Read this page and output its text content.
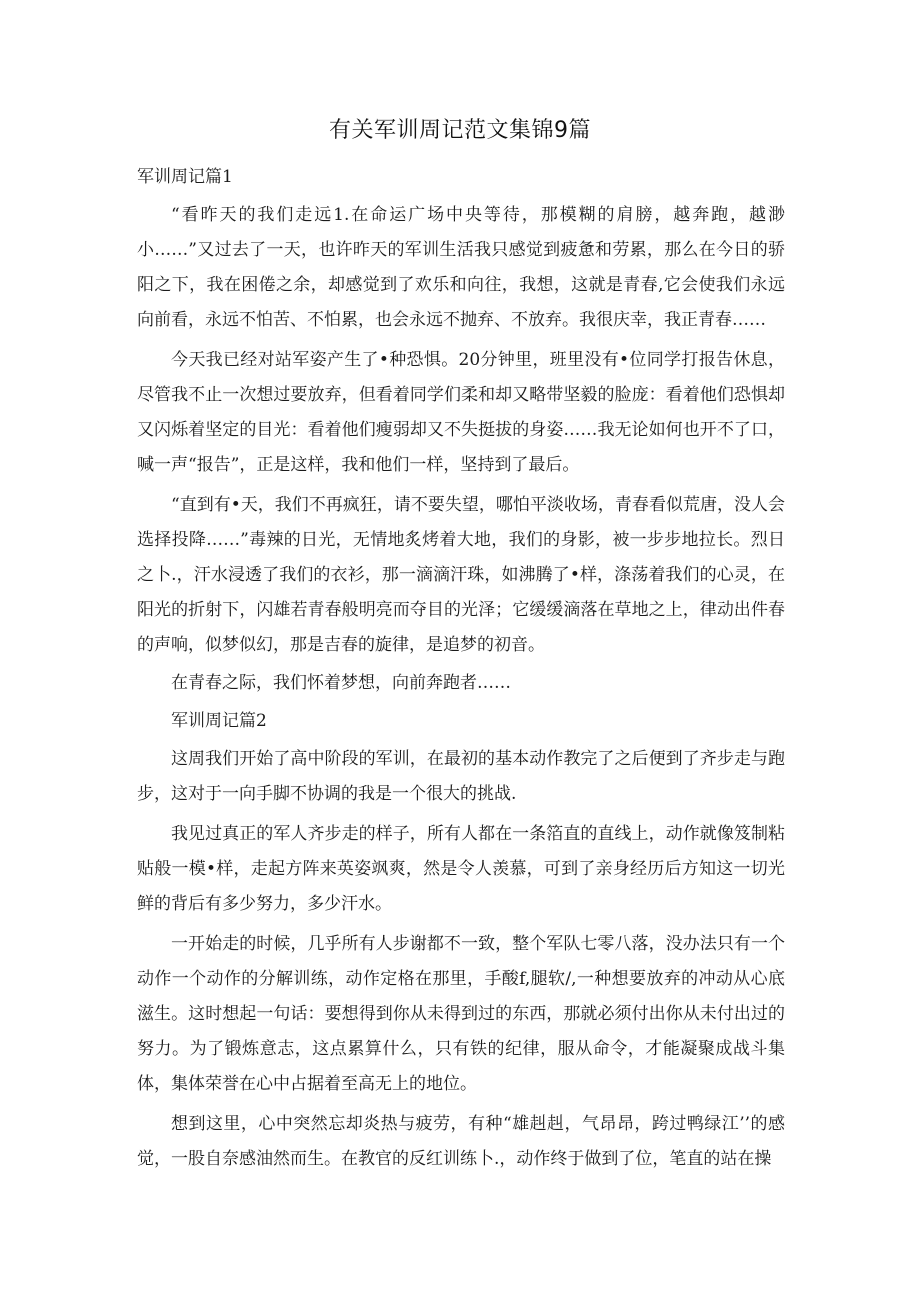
有关军训周记范文集锦9篇

军训周记篇1

“看昨天的我们走远1.在命运广场中央等待，那模糊的肩膀，越奔跑，越渺小……”又过去了一天，也许昨天的军训生活我只感觉到疲惫和劳累，那么在今日的骄阳之下，我在困倦之余，却感觉到了欢乐和向往，我想，这就是青春,它会使我们永远向前看，永远不怕苦、不怕累，也会永远不抛弃、不放弃。我很庆幸，我正青春……

今天我已经对站军姿产生了•种恐惧。20分钟里，班里没有•位同学打报告休息，尽管我不止一次想过要放弃，但看着同学们柔和却又略带坚毅的脸庞：看着他们恐惧却又闪烁着坚定的目光：看着他们瘦弱却又不失挺拔的身姿……我无论如何也开不了口，喊一声“报告”，正是这样，我和他们一样，坚持到了最后。

“直到有•天，我们不再疯狂，请不要失望，哪怕平淡收场，青春看似荒唐，没人会选择投降……”毒辣的日光，无情地炙烤着大地，我们的身影，被一步步地拉长。烈日之卜.，汗水浸透了我们的衣衫，那一滴滴汗珠，如沸腾了•样，涤荡着我们的心灵，在阳光的折射下，闪雄若青春般明亮而夺目的光泽；它缓缓滴落在草地之上，律动出件春的声响，似梦似幻，那是吉春的旋律，是追梦的初音。

在青春之际，我们怀着梦想，向前奔跑者……

军训周记篇2

这周我们开始了高中阶段的军训，在最初的基本动作教完了之后便到了齐步走与跑步，这对于一向手脚不协调的我是一个很大的挑战.

我见过真正的军人齐步走的样子，所有人都在一条箔直的直线上，动作就像笈制粘贴般一模•样，走起方阵来英姿飒爽，然是令人羡慕，可到了亲身经历后方知这一切光鲜的背后有多少努力，多少汗水。

一开始走的时候，几乎所有人步谢都不一致，整个军队七零八落，没办法只有一个动作一个动作的分解训练，动作定格在那里，手酸f,腿软/,一种想要放弃的冲动从心底滋生。这时想起一句话：要想得到你从未得到过的东西，那就必须付出你从未付出过的努力。为了锻炼意志，这点累算什么，只有铁的纪律，服从命令，才能凝聚成战斗集体，集体荣誉在心中占据着至高无上的地位。

想到这里，心中突然忘却炎热与疲劳，有种“雄赳赳，气昂昂，跨过鸭绿江’’的感觉，一股自奈感油然而生。在教官的反红训练卜.，动作终于做到了位，笔直的站在操
